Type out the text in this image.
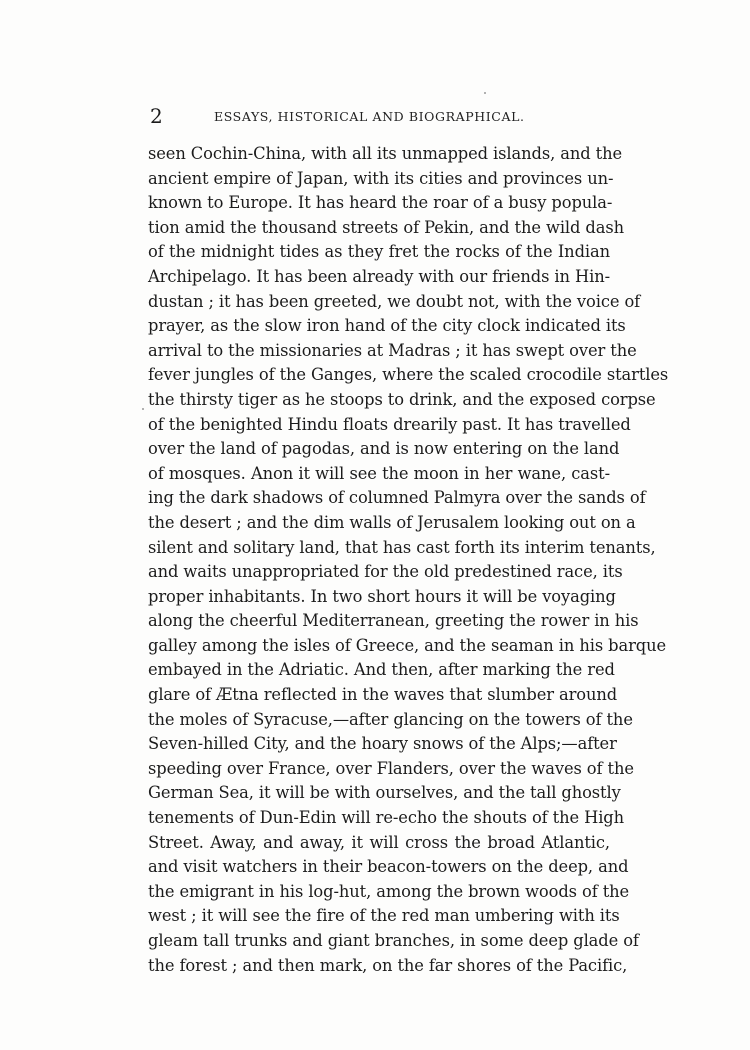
2	ESSAYS, HISTORICAL AND BIOGRAPHICAL.
seen Cochin-China, with all its unmapped islands, and the
ancient empire of Japan, with its cities and provinces un-
known to Europe. It has heard the roar of a busy popula-
tion amid the thousand streets of Pekin, and the wild dash
of the midnight tides as they fret the rocks of the Indian
Archipelago. It has been already with our friends in Hin-
dustan ; it has been greeted, we doubt not, with the voice of
prayer, as the slow iron hand of the city clock indicated its
arrival to the missionaries at Madras ; it has swept over the
fever jungles of the Ganges, where the scaled crocodile startles
the thirsty tiger as he stoops to drink, and the exposed corpse
of the benighted Hindu floats drearily past. It has travelled
over the land of pagodas, and is now entering on the land
of mosques. Anon it will see the moon in her wane, cast-
ing the dark shadows of columned Palmyra over the sands of
the desert ; and the dim walls of Jerusalem looking out on a
silent and solitary land, that has cast forth its interim tenants,
and waits unappropriated for the old predestined race, its
proper inhabitants. In two short hours it will be voyaging
along the cheerful Mediterranean, greeting the rower in his
galley among the isles of Greece, and the seaman in his barque
embayed in the Adriatic. And then, after marking the red
glare of Ætna reflected in the waves that slumber around
the moles of Syracuse,—after glancing on the towers of the
Seven-hilled City, and the hoary snows of the Alps;—after
speeding over France, over Flanders, over the waves of the
German Sea, it will be with ourselves, and the tall ghostly
tenements of Dun-Edin will re-echo the shouts of the High
Street. Away, and away, it will cross the broad Atlantic,
and visit watchers in their beacon-towers on the deep, and
the emigrant in his log-hut, among the brown woods of the
west ; it will see the fire of the red man umbering with its
gleam tall trunks and giant branches, in some deep glade of
the forest ; and then mark, on the far shores of the Pacific,
